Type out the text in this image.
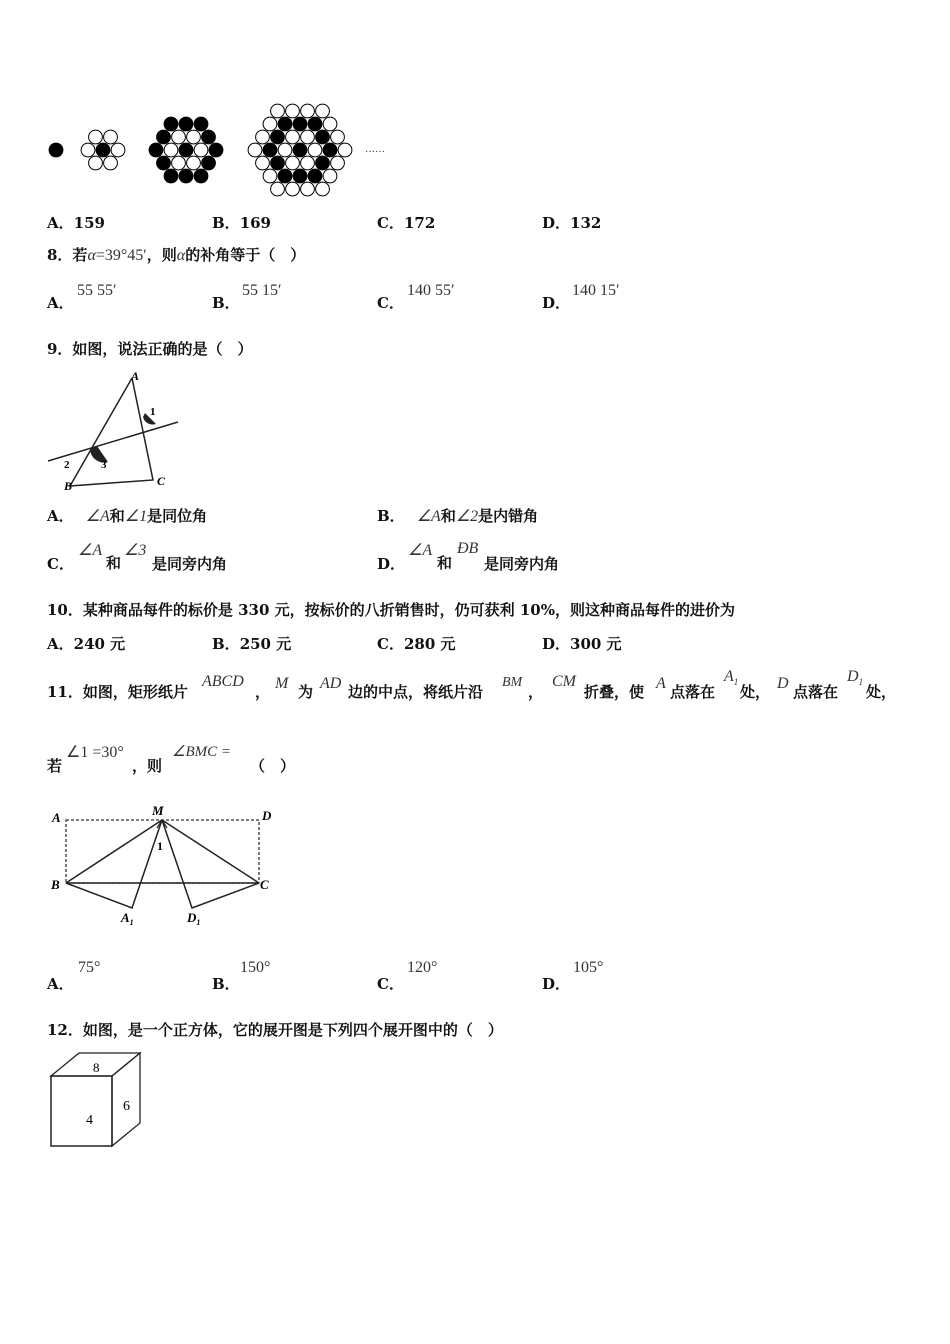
……
A．159	B．169	C．172	D．132
8．若α=39°45′，则α的补角等于（　）
A．
55 55′
B．
55 15′
C．
140 55′
D．
140 15′
9．如图，说法正确的是（　）
A
B	C
1
2	3
A． ∠A和∠1是同位角	B． ∠A和∠2是内错角
C．
∠A
和
∠3
是同旁内角	D．
∠A
和
ÐB
是同旁内角
10．某种商品每件的标价是 330 元，按标价的八折销售时，仍可获利 10%，则这种商品每件的进价为
A．240 元	B．250 元	C．280 元	D．300 元
11．如图，矩形纸片
ABCD
， M 为 AD 边的中点，将纸片沿
BM
，
CM
折叠，使 A 点落在
$A_1$
处， D 点落在
$D_1$
处，
若
∠1 =30°
，则
∠BMC =
（　）
A	M	D
B	C
$A_1$	$D_1$
1
A．
75°
B．
150°
C．
120°
D．
105°
12．如图，是一个正方体，它的展开图是下列四个展开图中的（　）
8
4
6
